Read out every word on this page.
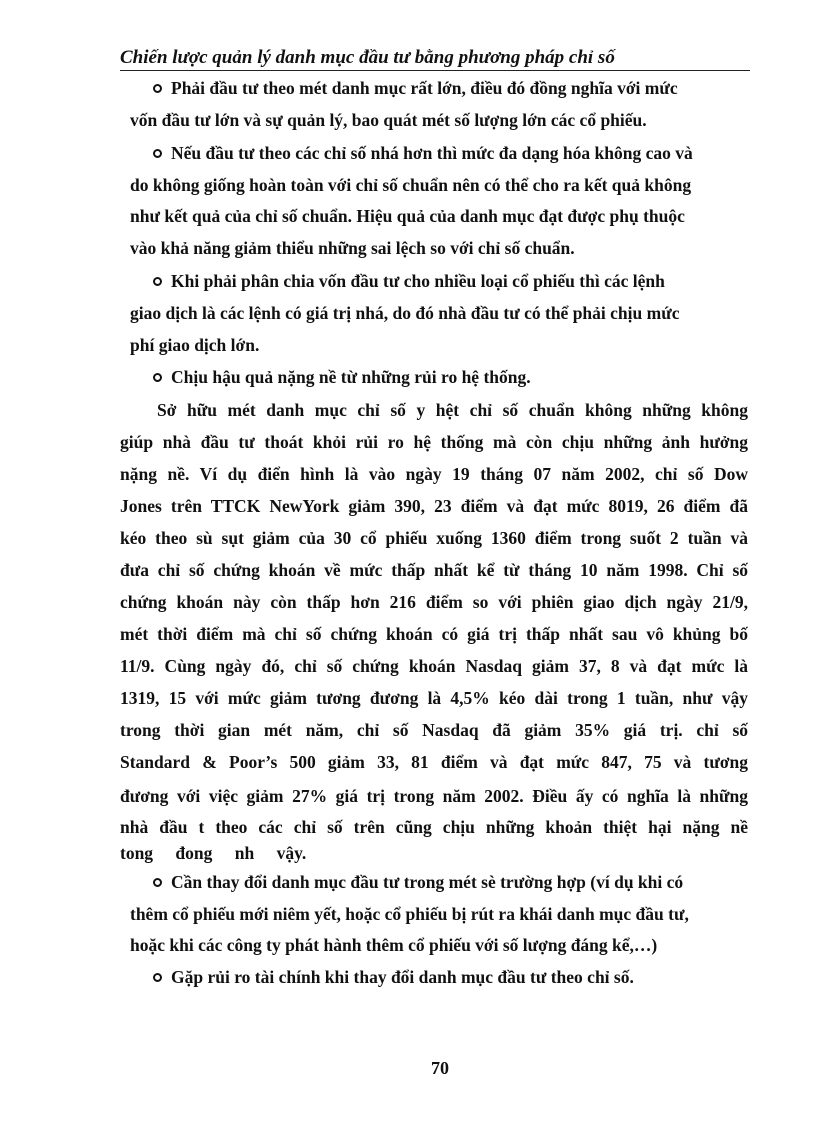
Chiến lược quản lý danh mục đầu tư bằng phương pháp chỉ số
Phải đầu tư theo mét danh mục rất lớn, điều đó đồng nghĩa với mức
vốn đầu tư lớn và sự quản lý, bao quát mét số lượng lớn các cổ phiếu.
Nếu đầu tư theo các chỉ số nhá hơn thì mức đa dạng hóa không cao và
do không giống hoàn toàn với chỉ số chuẩn nên có thể cho ra kết quả không
như kết quả của chỉ số chuẩn. Hiệu quả của danh mục đạt được phụ thuộc
vào khả năng giảm thiểu những sai lệch so với chỉ số chuẩn.
Khi phải phân chia vốn đầu tư cho nhiều loại cổ phiếu thì các lệnh
giao dịch là các lệnh có giá trị nhá, do đó nhà đầu tư có thể phải chịu mức
phí giao dịch lớn.
Chịu hậu quả nặng nề từ những rủi ro hệ thống.
Sở hữu mét danh mục chỉ số y hệt chỉ số chuẩn không những không
giúp nhà đầu tư thoát khỏi rủi ro hệ thống mà còn chịu những ảnh hưởng
nặng nề. Ví dụ điển hình là vào ngày 19 tháng 07 năm 2002, chỉ số Dow
Jones trên TTCK NewYork giảm 390, 23 điểm và đạt mức 8019, 26 điểm đã
kéo theo sù sụt giảm của 30 cổ phiếu xuống 1360 điểm trong suốt 2 tuần và
đưa chỉ số chứng khoán về mức thấp nhất kể từ tháng 10 năm 1998. Chỉ số
chứng khoán này còn thấp hơn 216 điểm so với phiên giao dịch ngày 21/9,
mét thời điểm mà chỉ số chứng khoán có giá trị thấp nhất sau vô khủng bố
11/9. Cùng ngày đó, chỉ số chứng khoán Nasdaq giảm 37, 8 và đạt mức là
1319, 15 với mức giảm tương đương là 4,5% kéo dài trong 1 tuần, như vậy
trong thời gian mét năm, chỉ số Nasdaq đã giảm 35% giá trị. chỉ số
Standard & Poor’s 500 giảm 33, 81 điểm và đạt mức 847, 75 và tương
đương với việc giảm 27% giá trị trong năm 2002. Điều ấy có nghĩa là những
nhà đầu t theo các chỉ số trên cũng chịu những khoản thiệt hại nặng nề
tong đong nh vậy.
Cần thay đổi danh mục đầu tư trong mét sè trường hợp (ví dụ khi có
thêm cổ phiếu mới niêm yết, hoặc cổ phiếu bị rút ra khái danh mục đầu tư,
hoặc khi các công ty phát hành thêm cổ phiếu với số lượng đáng kể,…)
Gặp rủi ro tài chính khi thay đổi danh mục đầu tư theo chỉ số.
70
